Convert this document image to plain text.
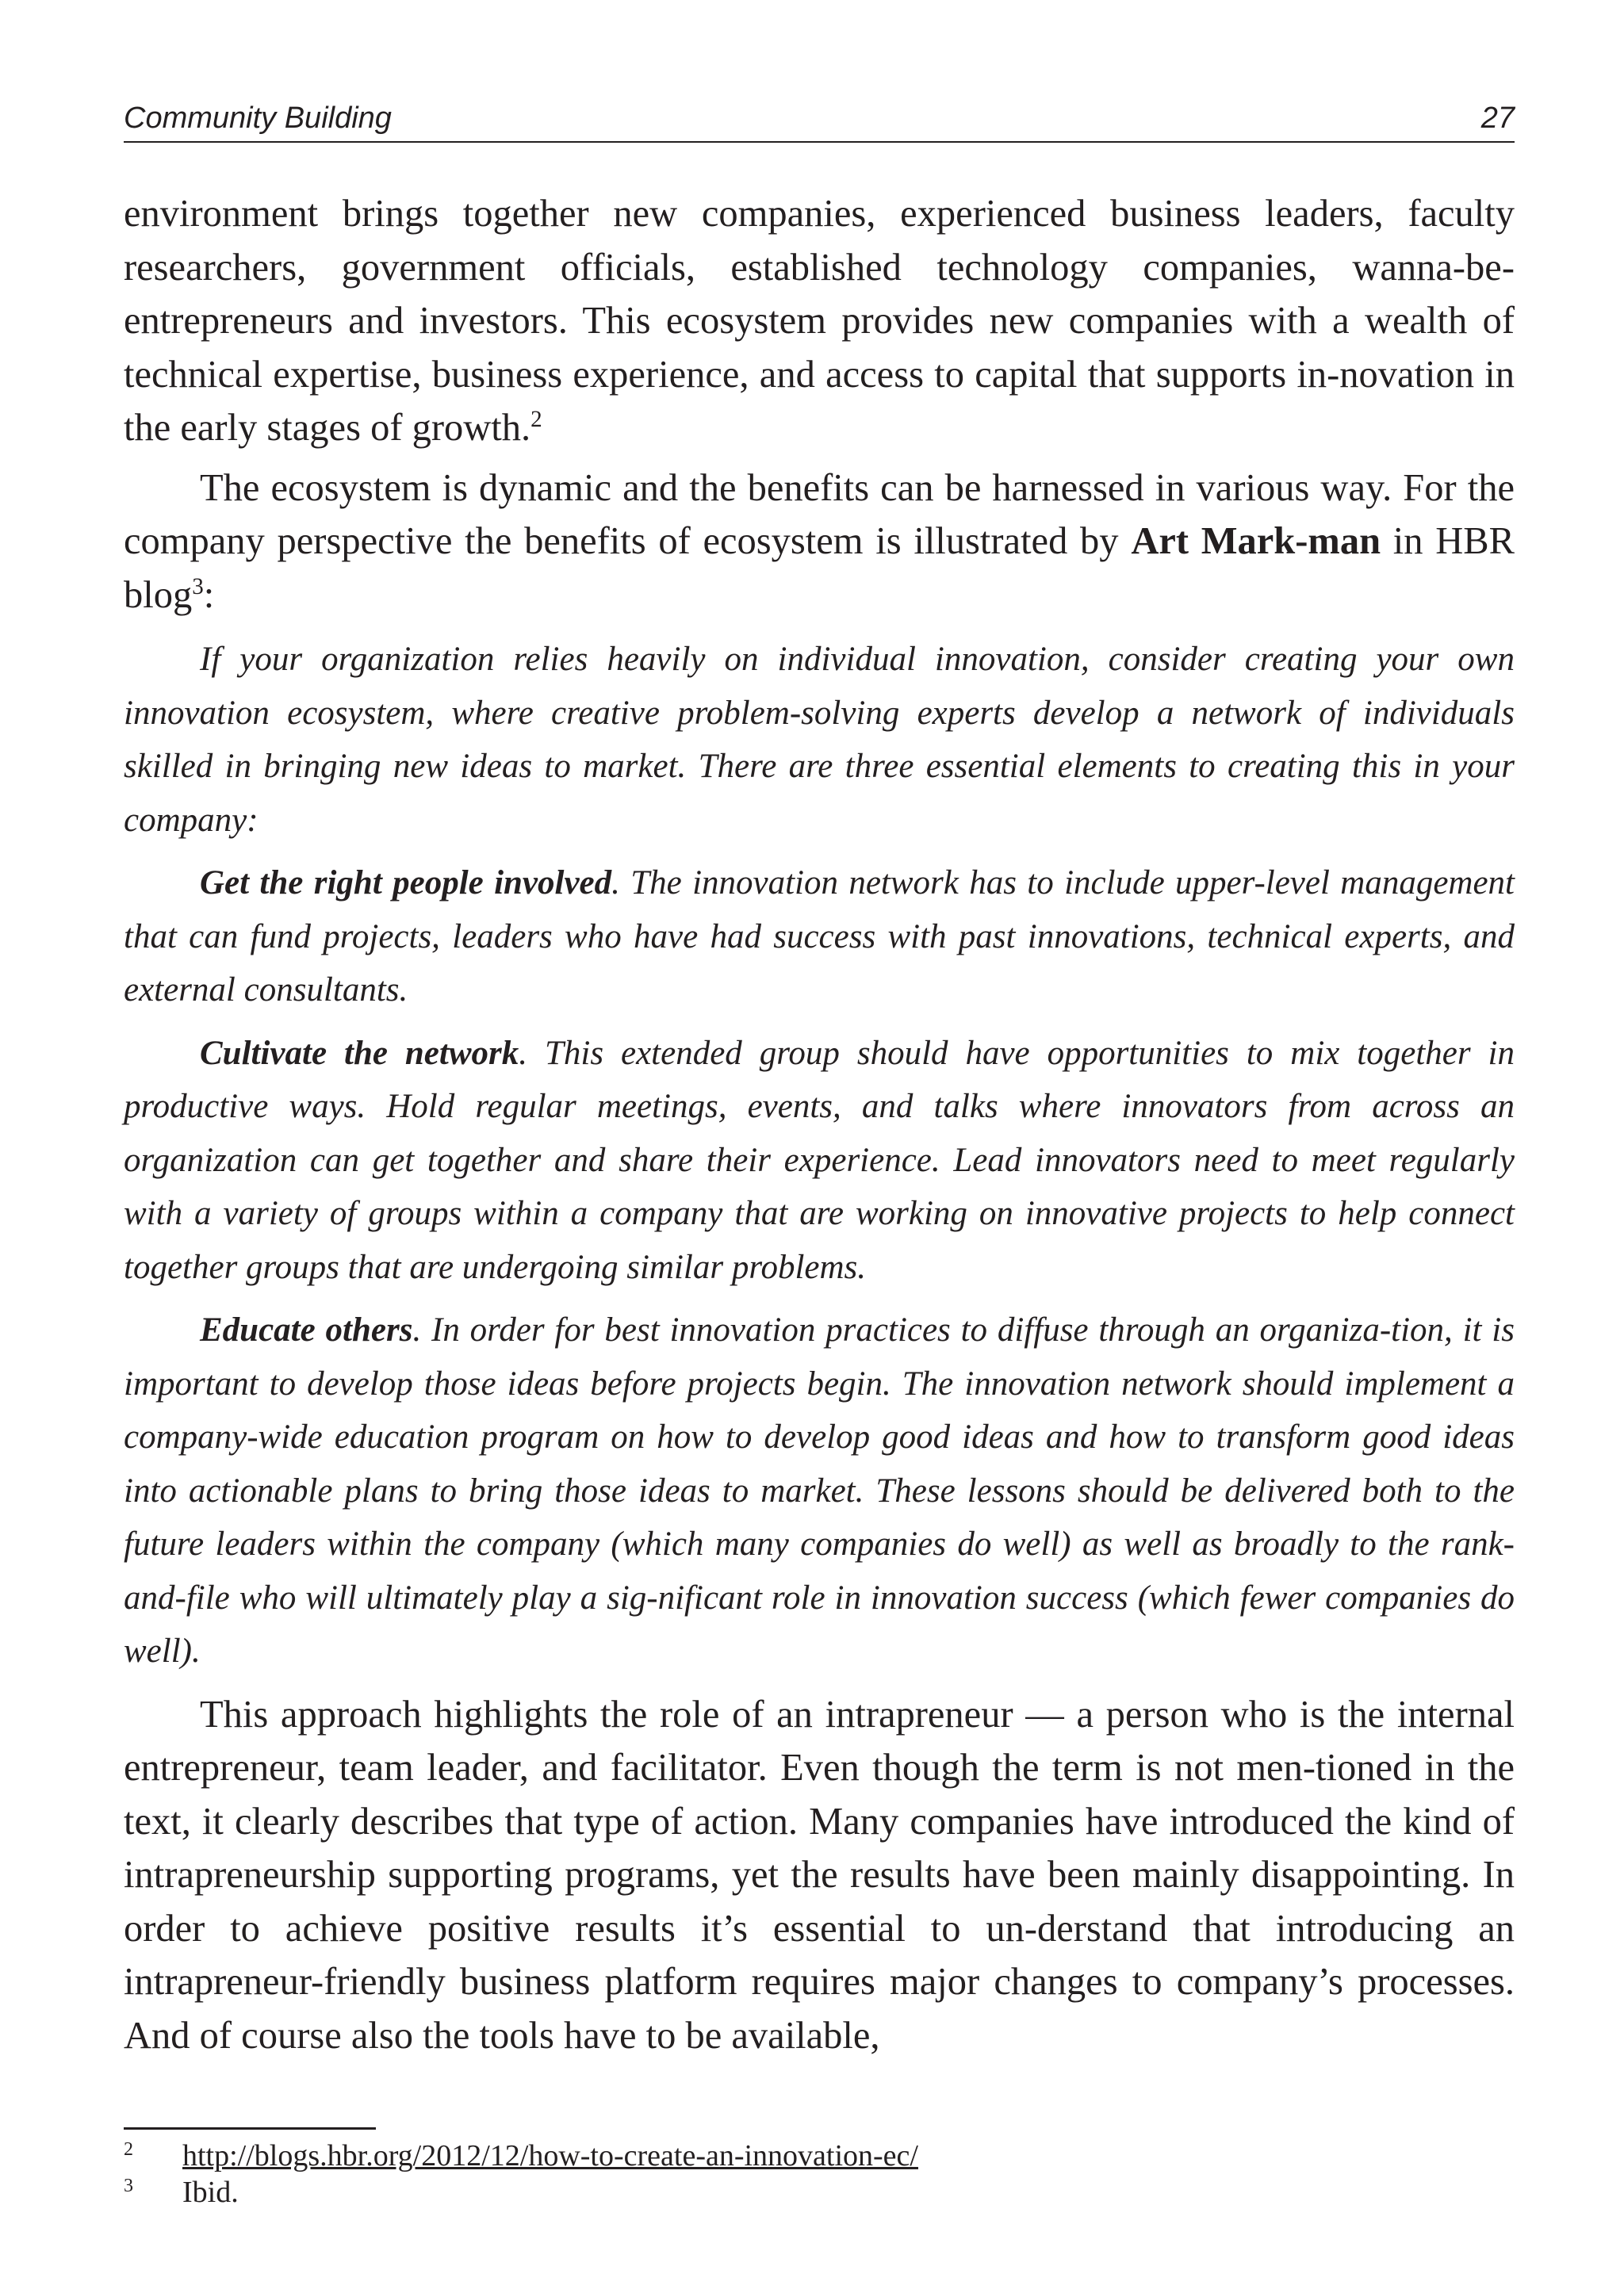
Community Building	27

environment brings together new companies, experienced business leaders, faculty researchers, government officials, established technology companies, wanna-be-entrepreneurs and investors. This ecosystem provides new companies with a wealth of technical expertise, business experience, and access to capital that supports in-novation in the early stages of growth.$^2$

The ecosystem is dynamic and the benefits can be harnessed in various way. For the company perspective the benefits of ecosystem is illustrated by Art Mark-man in HBR blog$^3$:

If your organization relies heavily on individual innovation, consider creating your own innovation ecosystem, where creative problem-solving experts develop a network of individuals skilled in bringing new ideas to market. There are three essential elements to creating this in your company:

Get the right people involved. The innovation network has to include upper-level management that can fund projects, leaders who have had success with past innovations, technical experts, and external consultants.

Cultivate the network. This extended group should have opportunities to mix together in productive ways. Hold regular meetings, events, and talks where innovators from across an organization can get together and share their experience. Lead innovators need to meet regularly with a variety of groups within a company that are working on innovative projects to help connect together groups that are undergoing similar problems.

Educate others. In order for best innovation practices to diffuse through an organiza-tion, it is important to develop those ideas before projects begin. The innovation network should implement a company-wide education program on how to develop good ideas and how to transform good ideas into actionable plans to bring those ideas to market. These lessons should be delivered both to the future leaders within the company (which many companies do well) as well as broadly to the rank-and-file who will ultimately play a sig-nificant role in innovation success (which fewer companies do well).

This approach highlights the role of an intrapreneur — a person who is the internal entrepreneur, team leader, and facilitator. Even though the term is not men-tioned in the text, it clearly describes that type of action. Many companies have introduced the kind of intrapreneurship supporting programs, yet the results have been mainly disappointing. In order to achieve positive results it’s essential to un-derstand that introducing an intrapreneur-friendly business platform requires major changes to company’s processes. And of course also the tools have to be available,

2	http://blogs.hbr.org/2012/12/how-to-create-an-innovation-ec/
3	Ibid.
